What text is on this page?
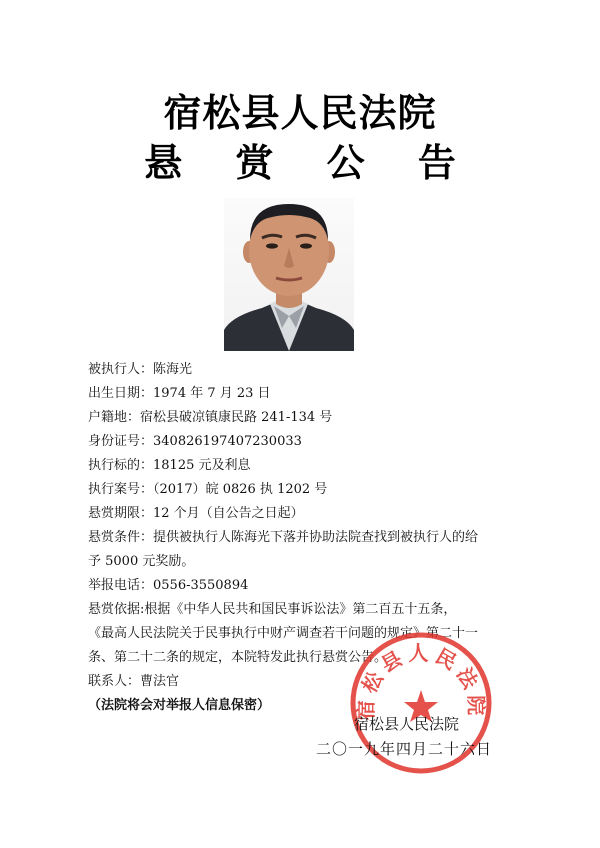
宿松县人民法院
悬 赏 公 告

被执行人：陈海光

出生日期：1974 年 7 月 23 日

户籍地：宿松县破凉镇康民路 241-134 号

身份证号：340826197407230033

执行标的：18125 元及利息

执行案号：（2017）皖 0826 执 1202 号

悬赏期限：12 个月（自公告之日起）

悬赏条件：提供被执行人陈海光下落并协助法院查找到被执行人的给

予 5000 元奖励。

举报电话：0556-3550894

悬赏依据:根据《中华人民共和国民事诉讼法》第二百五十五条，

《最高人民法院关于民事执行中财产调查若干问题的规定》第二十一

条、第二十二条的规定，本院特发此执行悬赏公告。

联系人：曹法官

（法院将会对举报人信息保密）	宿松县人民法院
宿松县人民法院
二〇一九年四月二十六日
